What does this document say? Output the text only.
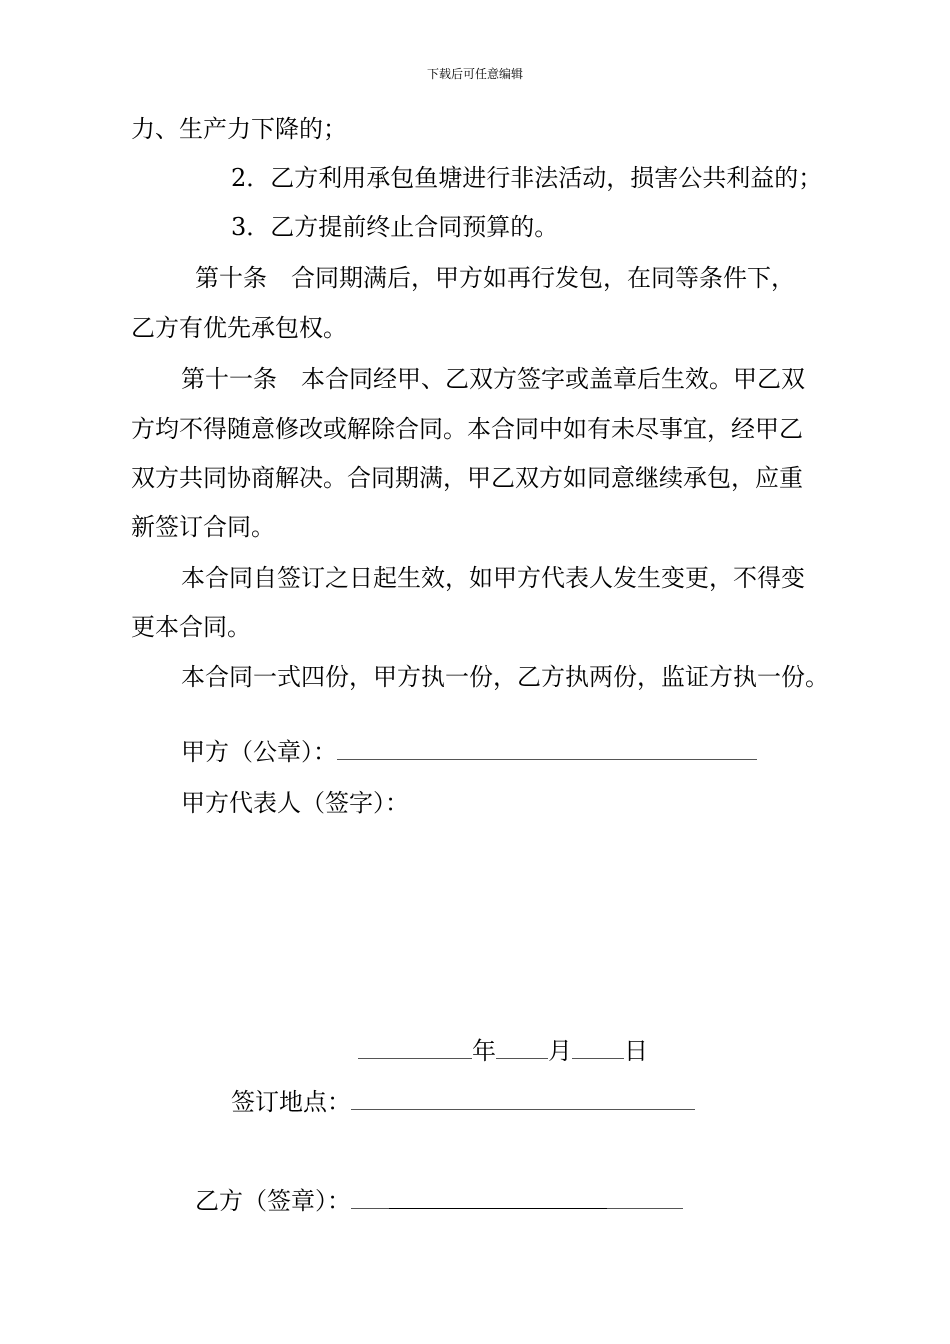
下载后可任意编辑

力、生产力下降的；

2．乙方利用承包鱼塘进行非法活动，损害公共利益的；

3．乙方提前终止合同预算的。

第十条　合同期满后，甲方如再行发包，在同等条件下，

乙方有优先承包权。

第十一条　本合同经甲、乙双方签字或盖章后生效。甲乙双

方均不得随意修改或解除合同。本合同中如有未尽事宜，经甲乙

双方共同协商解决。合同期满，甲乙双方如同意继续承包，应重

新签订合同。

本合同自签订之日起生效，如甲方代表人发生变更，不得变

更本合同。

本合同一式四份，甲方执一份，乙方执两份，监证方执一份。

甲方（公章）：
甲方代表人（签字）：
年 月 日
签订地点：
乙方（签章）：
